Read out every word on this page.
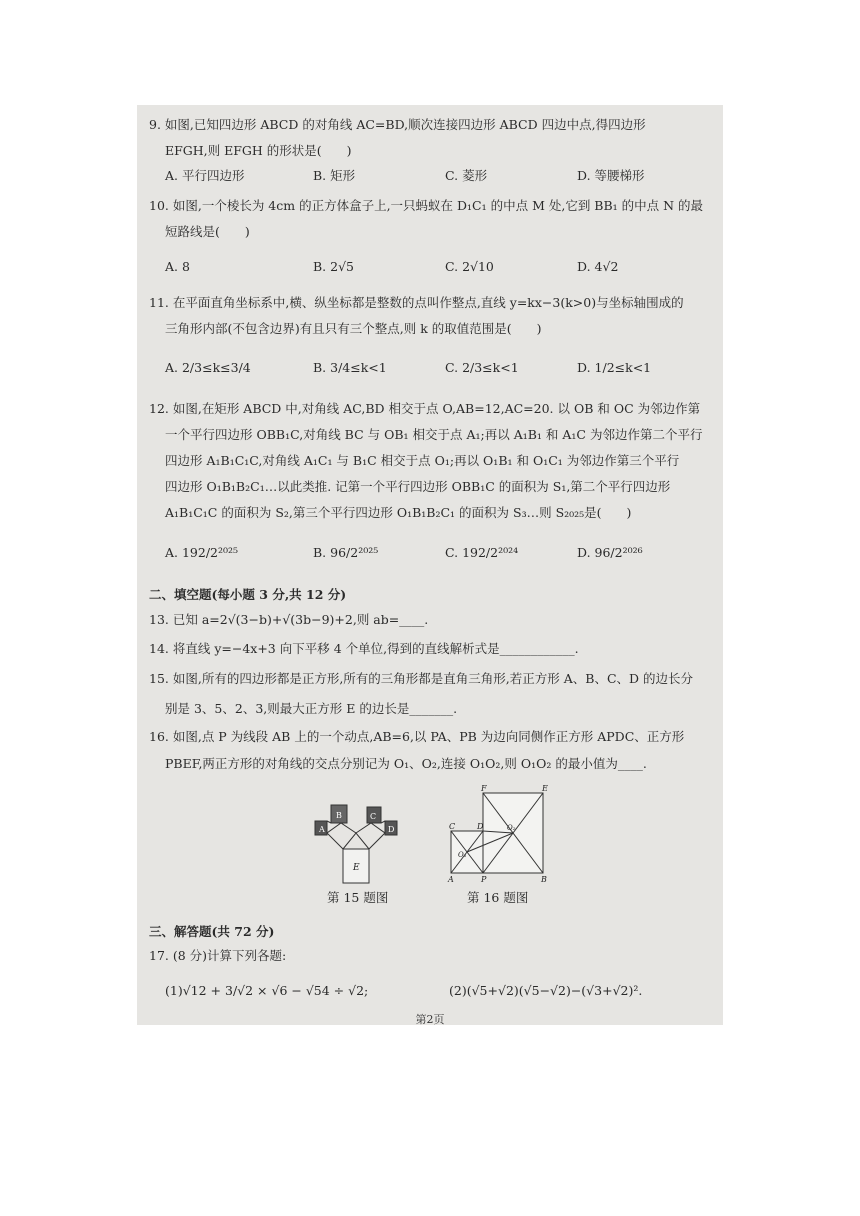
9. 如图,已知四边形 ABCD 的对角线 AC=BD,顺次连接四边形 ABCD 四边中点,得四边形
EFGH,则 EFGH 的形状是(　　)
A. 平行四边形	B. 矩形	C. 菱形	D. 等腰梯形
10. 如图,一个棱长为 4cm 的正方体盒子上,一只蚂蚁在 D₁C₁ 的中点 M 处,它到 BB₁ 的中点 N 的最
短路线是(　　)
A. 8	B. 2√5	C. 2√10	D. 4√2
11. 在平面直角坐标系中,横、纵坐标都是整数的点叫作整点,直线 y=kx−3(k>0)与坐标轴围成的
三角形内部(不包含边界)有且只有三个整点,则 k 的取值范围是(　　)
A. 2/3≤k≤3/4	B. 3/4≤k<1	C. 2/3≤k<1	D. 1/2≤k<1
12. 如图,在矩形 ABCD 中,对角线 AC,BD 相交于点 O,AB=12,AC=20. 以 OB 和 OC 为邻边作第
一个平行四边形 OBB₁C,对角线 BC 与 OB₁ 相交于点 A₁;再以 A₁B₁ 和 A₁C 为邻边作第二个平行
四边形 A₁B₁C₁C,对角线 A₁C₁ 与 B₁C 相交于点 O₁;再以 O₁B₁ 和 O₁C₁ 为邻边作第三个平行
四边形 O₁B₁B₂C₁…以此类推. 记第一个平行四边形 OBB₁C 的面积为 S₁,第二个平行四边形
A₁B₁C₁C 的面积为 S₂,第三个平行四边形 O₁B₁B₂C₁ 的面积为 S₃…则 S₂₀₂₅是(　　)
A. 192/2²⁰²⁵	B. 96/2²⁰²⁵	C. 192/2²⁰²⁴	D. 96/2²⁰²⁶
二、填空题(每小题 3 分,共 12 分)
13. 已知 a=2√(3−b)+√(3b−9)+2,则 ab=____.
14. 将直线 y=−4x+3 向下平移 4 个单位,得到的直线解析式是____________.
15. 如图,所有的四边形都是正方形,所有的三角形都是直角三角形,若正方形 A、B、C、D 的边长分
别是 3、5、2、3,则最大正方形 E 的边长是_______.
16. 如图,点 P 为线段 AB 上的一个动点,AB=6,以 PA、PB 为边向同侧作正方形 APDC、正方形
PBEF,两正方形的对角线的交点分别记为 O₁、O₂,连接 O₁O₂,则 O₁O₂ 的最小值为____.
A
B	C
D
E
第 15 题图
F	E
C	D
O₁
O₂
A	P	B
第 16 题图
三、解答题(共 72 分)
17. (8 分)计算下列各题:
(1)√12 + 3/√2 × √6 − √54 ÷ √2;	(2)(√5+√2)(√5−√2)−(√3+√2)².
第2页
